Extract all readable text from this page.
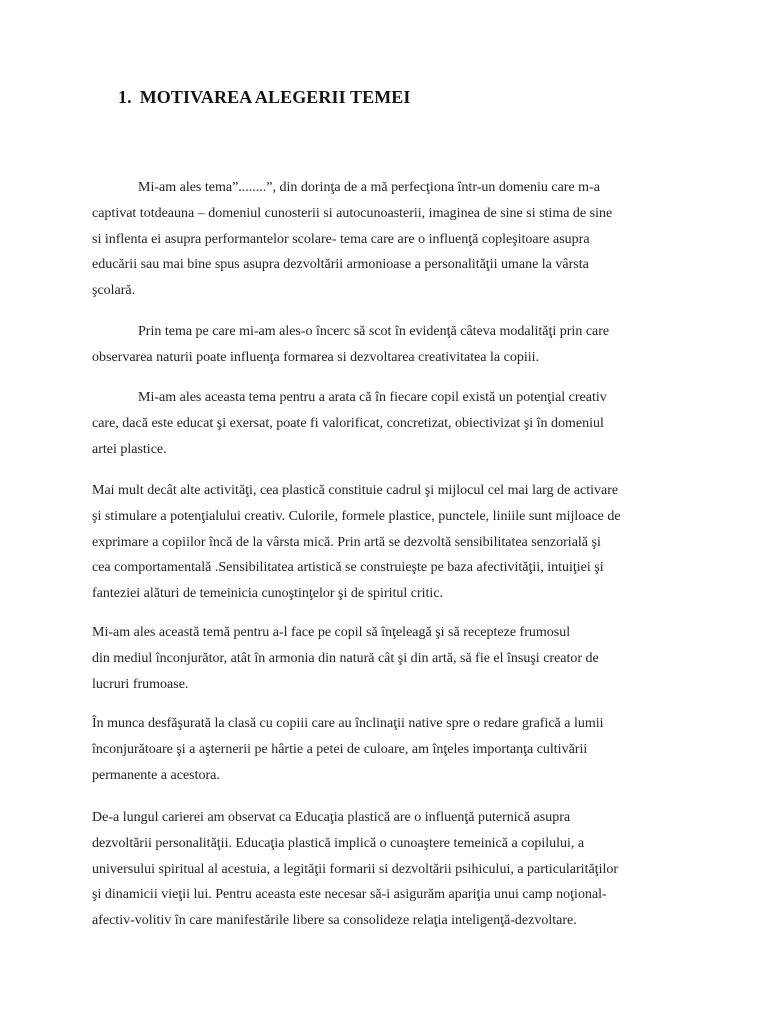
1. MOTIVAREA ALEGERII TEMEI

Mi-am ales tema”........”, din dorinţa de a mă perfecţiona într-un domeniu care m-a
captivat totdeauna – domeniul cunosterii si autocunoasterii, imaginea de sine si stima de sine
si inflenta ei asupra performantelor scolare- tema care are o influenţă copleşitoare asupra
educării sau mai bine spus asupra dezvoltării armonioase a personalităţii umane la vârsta
şcolară.

Prin tema pe care mi-am ales-o încerc să scot în evidenţă câteva modalităţi prin care
observarea naturii poate influenţa formarea si dezvoltarea creativitatea la copiii.

Mi-am ales aceasta tema pentru a arata că în fiecare copil există un potenţial creativ
care, dacă este educat şi exersat, poate fi valorificat, concretizat, obiectivizat şi în domeniul
artei plastice.

Mai mult decât alte activităţi, cea plastică constituie cadrul şi mijlocul cel mai larg de activare
şi stimulare a potenţialului creativ. Culorile, formele plastice, punctele, liniile sunt mijloace de
exprimare a copiilor încă de la vârsta mică. Prin artă se dezvoltă sensibilitatea senzorială şi
cea comportamentală .Sensibilitatea artistică se construieşte pe baza afectivităţii, intuiţiei şi
fanteziei alături de temeinicia cunoştinţelor şi de spiritul critic.

Mi-am ales această temă pentru a-l face pe copil să înţeleagă şi să recepteze frumosul
din mediul înconjurător, atât în armonia din natură cât şi din artă, să fie el însuşi creator de
lucruri frumoase.

În munca desfăşurată la clasă cu copiii care au înclinaţii native spre o redare grafică a lumii
înconjurătoare şi a aşternerii pe hârtie a petei de culoare, am înţeles importanţa cultivării
permanente a acestora.

De-a lungul carierei am observat ca Educaţia plastică are o influenţă puternică asupra
dezvoltării personalităţii. Educaţia plastică implică o cunoaştere temeinică a copilului, a
universului spiritual al acestuia, a legităţii formarii si dezvoltării psihicului, a particularităţilor
şi dinamicii vieţii lui. Pentru aceasta este necesar să-i asigurăm apariţia unui camp noţional-
afectiv-volitiv în care manifestările libere sa consolideze relaţia inteligenţă-dezvoltare.
